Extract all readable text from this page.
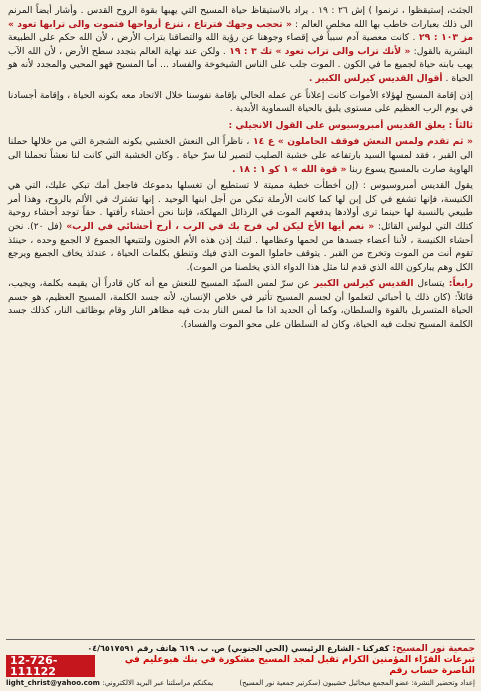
الجثث، إستيقظوا ، ترنموا ) إش ٢٦ : ١٩ . يراد بالاستيقاظ حياة المسيح التي يهبها بقوة الروح القدس . وأشار أيضاً المرنم الى ذلك بعبارات خاطب بها الله مخلص العالم : « تحجب وجهك فترتاع ، تنزع أرواحها فتموت والى ترابها تعود » مز ١٠٣ : ٢٩ . كانت معصية آدم سبباً في إقصاء وجوهنا عن رؤية الله والتصاقنا بتراب الأرض ، لأن الله حكم على الطبيعة البشرية بالقول: « لأنك تراب والى تراب تعود » تك ٣ : ١٩ . ولكن عند نهاية العالم بتجدد سطح الأرض ، لأن الله الآب يهب بابنه حياة لجميع ما في الكون . الموت جلب على الناس الشيخوخة والفساد ... أما المسيح فهو المحيي والمجدد لأنه هو الحياة . أقوال القديس كيرلس الكبير .

إذن إقامة المسيح لهؤلاء الأموات كانت إعلاناً عن عمله الحالي بإقامة نفوسنا خلال الاتحاد معه بكونه الحياة ، وإقامة أجسادنا في يوم الرب العظيم على مستوى يليق بالحياة السماوية الأبدية .

ثالثاً : يعلق القديس أمبروسيوس على القول الانجيلي :

« ثم تقدم ولمس النعش فوقف الحاملون » ع ١٤ ، ناظراً الى النعش الخشبي بكونه الشجرة التي من خلالها حملنا الى القبر ، فقد لمسها السيد بارتفاعه على خشبة الصليب لتصير لنا سرّ حياة . وكان الخشبة التي كانت لنا نعشاً تحملنا الى الهاوية صارت بالمسيح يسوع ربنا « قوة الله » ١ كو ١ : ١٨ .

يقول القديس أمبروسيوس : (إن أخطأت خطية مميتة لا تستطيع أن تغسلها بدموعك فاجعل أمك تبكي عليك، التي هي الكنيسة، فإنها تشفع في كل إبن لها كما كانت الأرملة تبكي من أجل ابنها الوحيد . إنها تشترك في الألم بالروح، وهذا أمر طبيعي بالنسبة لها حينما ترى أولادها يدفعهم الموت في الرذائل المهلكة، فإننا نحن أحشاء رأفتها . حقاً توجد أحشاء روحية كتلك التي لبولس القائل: « نعم أيها الأخ ليكن لي فرح بك في الرب ، أرح أحشائي في الرب» (فل ٢٠). نحن أحشاء الكنيسة ، لأننا أعضاء جسدها من لحمها وعظامها . لتبك إذن هذه الأم الحنون ولتتبعها الجموع لا الجمع وحده ، حينئذ تقوم أنت من الموت وتخرج من القبر . يتوقف حاملوا الموت الذي فيك وتنطق بكلمات الحياة ، عندئذ يخاف الجميع ويرجع الكل وهم يباركون الله الذي قدم لنا مثل هذا الدواء الذي يخلصنا من الموت).

رابعاً: يتساءل القديس كيرلس الكبير عن سرّ لمس السيّد المسيح للنعش مع أنه كان قادراً أن يقيمه بكلمة، ويجيب، قائلاً: (كان ذلك يا أحبائي لتعلموا أن لجسم المسيح تأثير في خلاص الإنسان، لأنه جسد الكلمة، المسيح العظيم، هو جسم الحياة المتسربل بالقوة والسلطان، وكما أن الحديد اذا ما لمس النار بدت فيه مظاهر النار وقام بوظائف النار، كذلك جسد الكلمة المسيح تجلت فيه الحياة، وكان له السلطان على محو الموت والفساد).

جمعية نور المسيح: كفركنا - الشارع الرئيسي (الحي الجنوبي) ص. ب. ٦١٩ هاتف رقم ٠٤/٦٥١٧٥٩١
تبرعات القرّاء المؤمنين الكرام تقبل لمجد المسيح مشكورة في بنك هبوعليم في الناصرة حساب رقم
12-726-111122
إعداد وتحضير النشرة: عضو المجمع ميخائيل خشيبون (سكرتير جمعية نور المسيح)
يمكنكم مراسلتنا عبر البريد الالكتروني: light_christ@yahoo.com
